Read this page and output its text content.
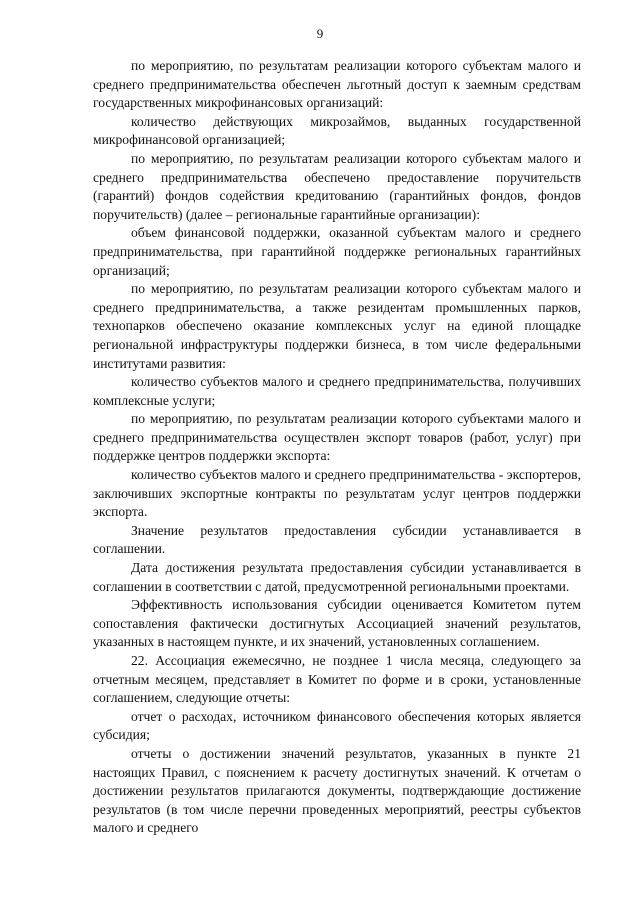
9

по мероприятию, по результатам реализации которого субъектам малого и среднего предпринимательства обеспечен льготный доступ к заемным средствам государственных микрофинансовых организаций:

количество действующих микрозаймов, выданных государственной микрофинансовой организацией;

по мероприятию, по результатам реализации которого субъектам малого и среднего предпринимательства обеспечено предоставление поручительств (гарантий) фондов содействия кредитованию (гарантийных фондов, фондов поручительств) (далее – региональные гарантийные организации):

объем финансовой поддержки, оказанной субъектам малого и среднего предпринимательства, при гарантийной поддержке региональных гарантийных организаций;

по мероприятию, по результатам реализации которого субъектам малого и среднего предпринимательства, а также резидентам промышленных парков, технопарков обеспечено оказание комплексных услуг на единой площадке региональной инфраструктуры поддержки бизнеса, в том числе федеральными институтами развития:

количество субъектов малого и среднего предпринимательства, получивших комплексные услуги;

по мероприятию, по результатам реализации которого субъектами малого и среднего предпринимательства осуществлен экспорт товаров (работ, услуг) при поддержке центров поддержки экспорта:

количество субъектов малого и среднего предпринимательства - экспортеров, заключивших экспортные контракты по результатам услуг центров поддержки экспорта.

Значение результатов предоставления субсидии устанавливается в соглашении.

Дата достижения результата предоставления субсидии устанавливается в соглашении в соответствии с датой, предусмотренной региональными проектами.

Эффективность использования субсидии оценивается Комитетом путем сопоставления фактически достигнутых Ассоциацией значений результатов, указанных в настоящем пункте, и их значений, установленных соглашением.

22. Ассоциация ежемесячно, не позднее 1 числа месяца, следующего за отчетным месяцем, представляет в Комитет по форме и в сроки, установленные соглашением, следующие отчеты:

отчет о расходах, источником финансового обеспечения которых является субсидия;

отчеты о достижении значений результатов, указанных в пункте 21 настоящих Правил, с пояснением к расчету достигнутых значений. К отчетам о достижении результатов прилагаются документы, подтверждающие достижение результатов (в том числе перечни проведенных мероприятий, реестры субъектов малого и среднего
